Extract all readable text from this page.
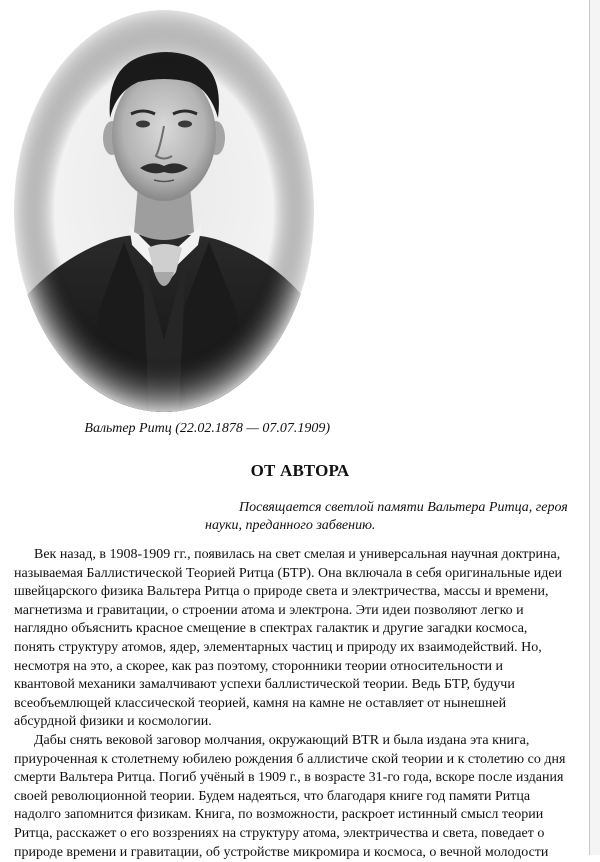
Вальтер Ритц (22.02.1878 — 07.07.1909)
ОТ АВТОРА
Посвящается светлой памяти Вальтера Ритца, героя
науки, преданного забвению.
Век назад, в 1908-1909 гг., появилась на свет смелая и универсальная научная доктрина,
называемая Баллистической Теорией Ритца (БТР). Она включала в себя оригинальные идеи
швейцарского физика Вальтера Ритца о природе света и электричества, массы и времени,
магнетизма и гравитации, о строении атома и электрона. Эти идеи позволяют легко и
наглядно объяснить красное смещение в спектрах галактик и другие загадки космоса,
понять структуру атомов, ядер, элементарных частиц и природу их взаимодействий. Но,
несмотря на это, а скорее, как раз поэтому, сторонники теории относительности и
квантовой механики замалчивают успехи баллистической теории. Ведь БТР, будучи
всеобъемлющей классической теорией, камня на камне не оставляет от нынешней
абсурдной физики и космологии.
Дабы снять вековой заговор молчания, окружающий BTR и была издана эта книга,
приуроченная к столетнему юбилею рождения б аллистиче ской теории и к столетию со дня
смерти Вальтера Ритца. Погиб учёный в 1909 г., в возрасте 31-го года, вскоре после издания
своей революционной теории. Будем надеяться, что благодаря книге год памяти Ритца
надолго запомнится физикам. Книга, по возможности, раскроет истинный смысл теории
Ритца, расскажет о его воззрениях на структуру атома, электричества и света, поведает о
природе времени и гравитации, об устройстве микромира и космоса, о вечной молодости
